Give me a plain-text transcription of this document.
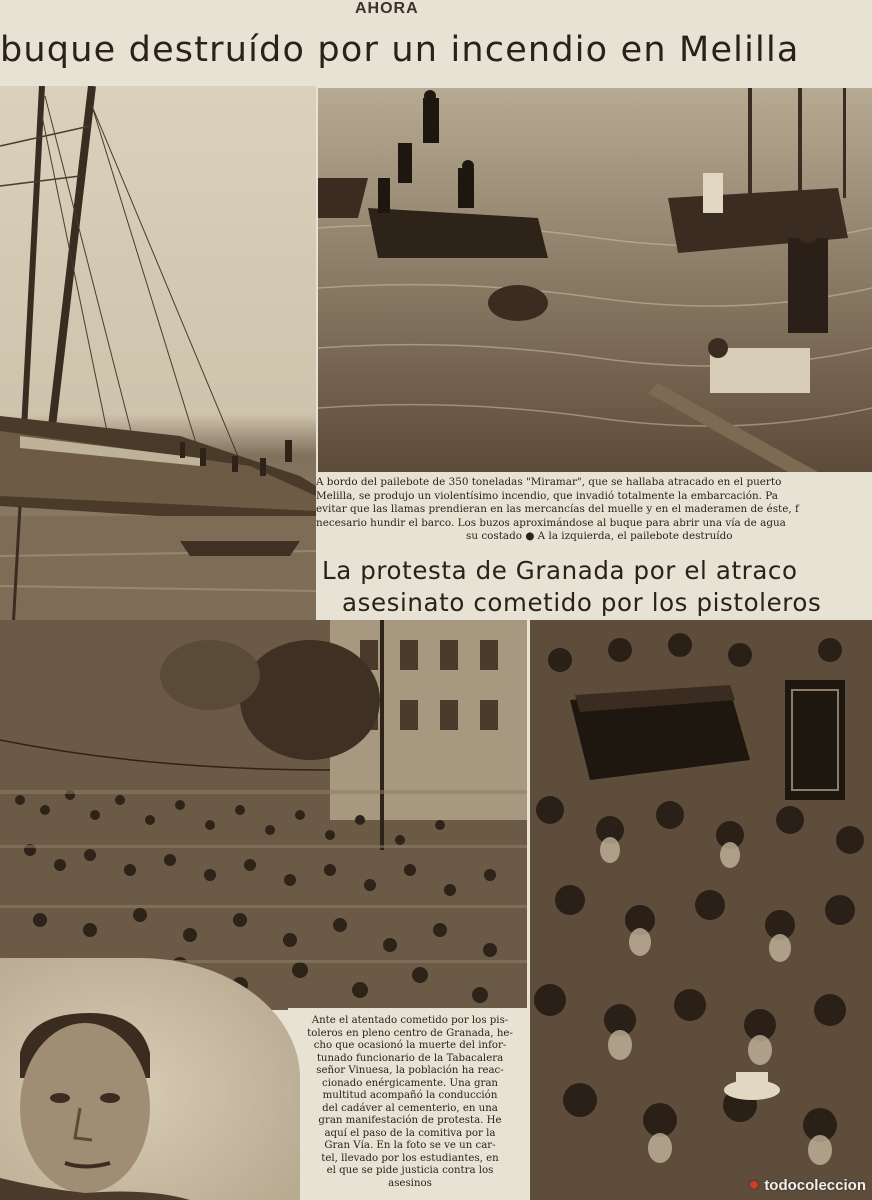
AHORA
buque destruído por un incendio en Melilla
A bordo del pailebote de 350 toneladas "Miramar", que se hallaba atracado en el puerto
Melilla, se produjo un violentísimo incendio, que invadió totalmente la embarcación. Pa
evitar que las llamas prendieran en las mercancías del muelle y en el maderamen de éste, f
necesario hundir el barco. Los buzos aproximándose al buque para abrir una vía de agua
su costado ● A la izquierda, el pailebote destruído
La protesta de Granada por el atraco
asesinato cometido por los pistoleros
Ante el atentado cometido por los pis-
toleros en pleno centro de Granada, he-
cho que ocasionó la muerte del infor-
tunado funcionario de la Tabacalera
señor Vinuesa, la población ha reac-
cionado enérgicamente. Una gran
multitud acompañó la conducción
del cadáver al cementerio, en una
gran manifestación de protesta. He
aquí el paso de la comitiva por la
Gran Vía. En la foto se ve un car-
tel, llevado por los estudiantes, en
el que se pide justicia contra los
asesinos	● todocoleccion
